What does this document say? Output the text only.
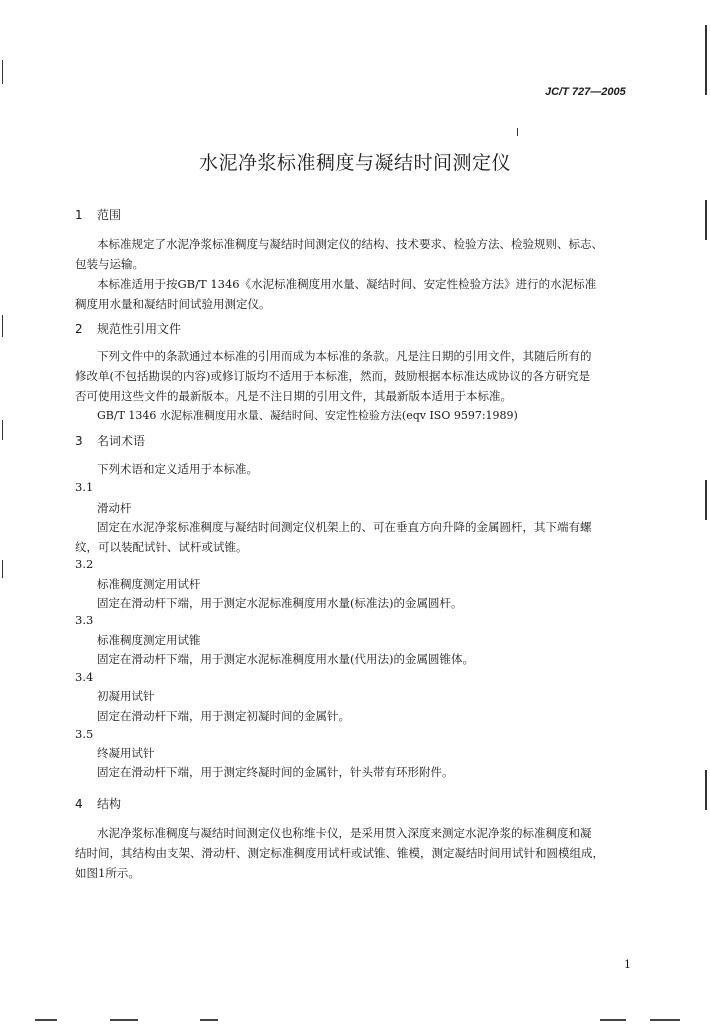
JC/T 727—2005
水泥净浆标准稠度与凝结时间测定仪
1 范围
本标准规定了水泥净浆标准稠度与凝结时间测定仪的结构、技术要求、检验方法、检验规则、标志、
包装与运输。
本标准适用于按GB/T 1346《水泥标准稠度用水量、凝结时间、安定性检验方法》进行的水泥标准
稠度用水量和凝结时间试验用测定仪。
2 规范性引用文件
下列文件中的条款通过本标准的引用而成为本标准的条款。凡是注日期的引用文件，其随后所有的
修改单(不包括勘误的内容)或修订版均不适用于本标准，然而，鼓励根据本标准达成协议的各方研究是
否可使用这些文件的最新版本。凡是不注日期的引用文件，其最新版本适用于本标准。
GB/T 1346 水泥标准稠度用水量、凝结时间、安定性检验方法(eqv ISO 9597:1989)
3 名词术语
下列术语和定义适用于本标准。
3.1
滑动杆
固定在水泥净浆标准稠度与凝结时间测定仪机架上的、可在垂直方向升降的金属圆杆，其下端有螺
纹，可以装配试针、试杆或试锥。
3.2
标准稠度测定用试杆
固定在滑动杆下端，用于测定水泥标准稠度用水量(标准法)的金属圆杆。
3.3
标准稠度测定用试锥
固定在滑动杆下端，用于测定水泥标准稠度用水量(代用法)的金属圆锥体。
3.4
初凝用试针
固定在滑动杆下端，用于测定初凝时间的金属针。
3.5
终凝用试针
固定在滑动杆下端，用于测定终凝时间的金属针，针头带有环形附件。
4 结构
水泥净浆标准稠度与凝结时间测定仪也称维卡仪，是采用贯入深度来测定水泥净浆的标准稠度和凝
结时间，其结构由支架、滑动杆、测定标准稠度用试杆或试锥、锥模，测定凝结时间用试针和圆模组成，
如图1所示。
1
